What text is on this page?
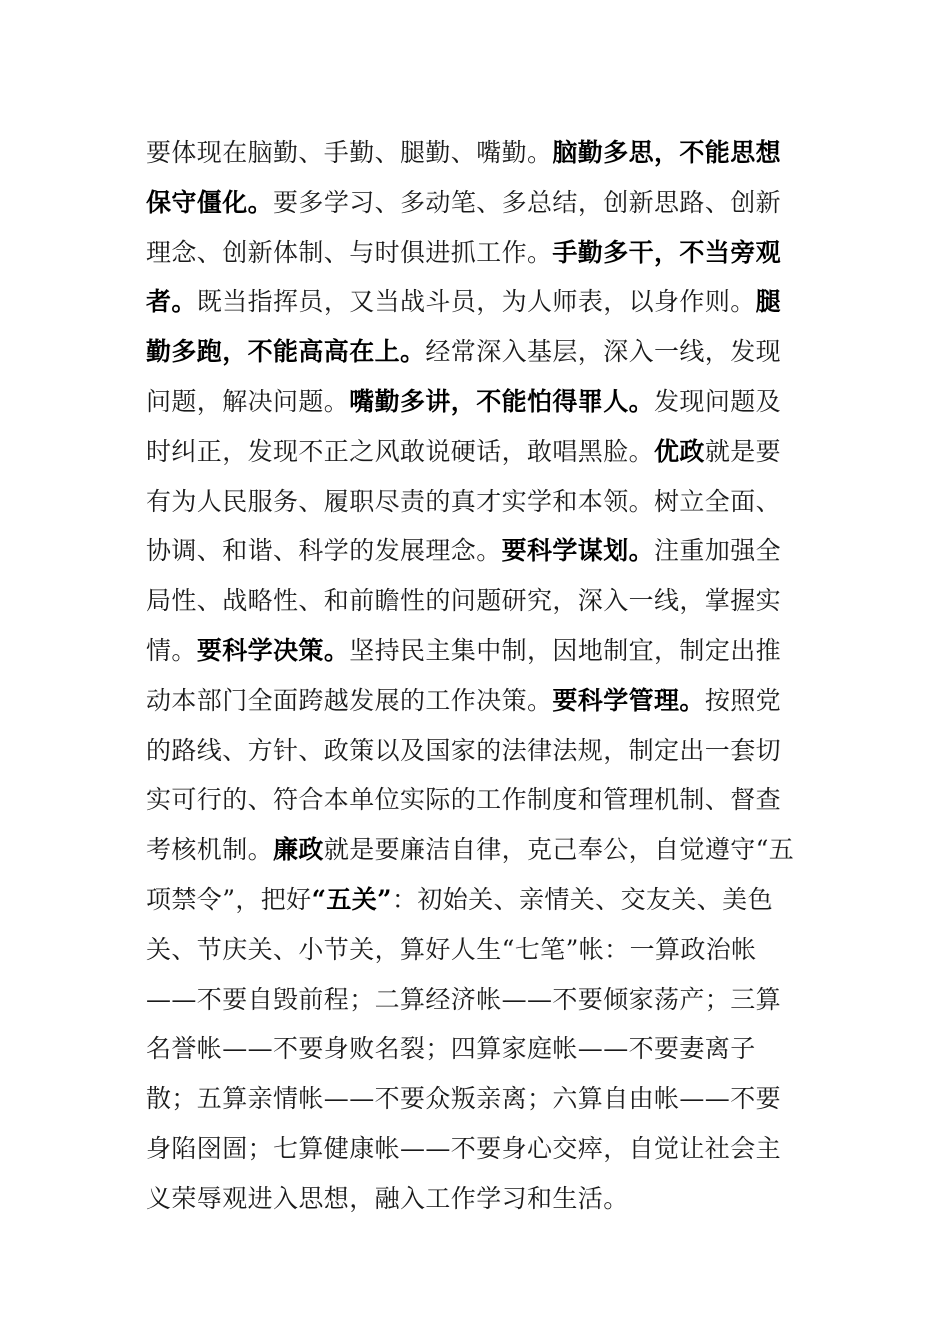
要体现在脑勤、手勤、腿勤、嘴勤。脑勤多思，不能思想保守僵化。要多学习、多动笔、多总结，创新思路、创新理念、创新体制、与时俱进抓工作。手勤多干，不当旁观者。既当指挥员，又当战斗员，为人师表，以身作则。腿勤多跑，不能高高在上。经常深入基层，深入一线，发现问题，解决问题。嘴勤多讲，不能怕得罪人。发现问题及时纠正，发现不正之风敢说硬话，敢唱黑脸。优政就是要有为人民服务、履职尽责的真才实学和本领。树立全面、协调、和谐、科学的发展理念。要科学谋划。注重加强全局性、战略性、和前瞻性的问题研究，深入一线，掌握实情。要科学决策。坚持民主集中制，因地制宜，制定出推动本部门全面跨越发展的工作决策。要科学管理。按照党的路线、方针、政策以及国家的法律法规，制定出一套切实可行的、符合本单位实际的工作制度和管理机制、督查考核机制。廉政就是要廉洁自律，克己奉公，自觉遵守“五项禁令”，把好“五关”：初始关、亲情关、交友关、美色关、节庆关、小节关，算好人生“七笔”帐：一算政治帐——不要自毁前程；二算经济帐——不要倾家荡产；三算名誉帐——不要身败名裂；四算家庭帐——不要妻离子散；五算亲情帐——不要众叛亲离；六算自由帐——不要身陷囹圄；七算健康帐——不要身心交瘁，自觉让社会主义荣辱观进入思想，融入工作学习和生活。
